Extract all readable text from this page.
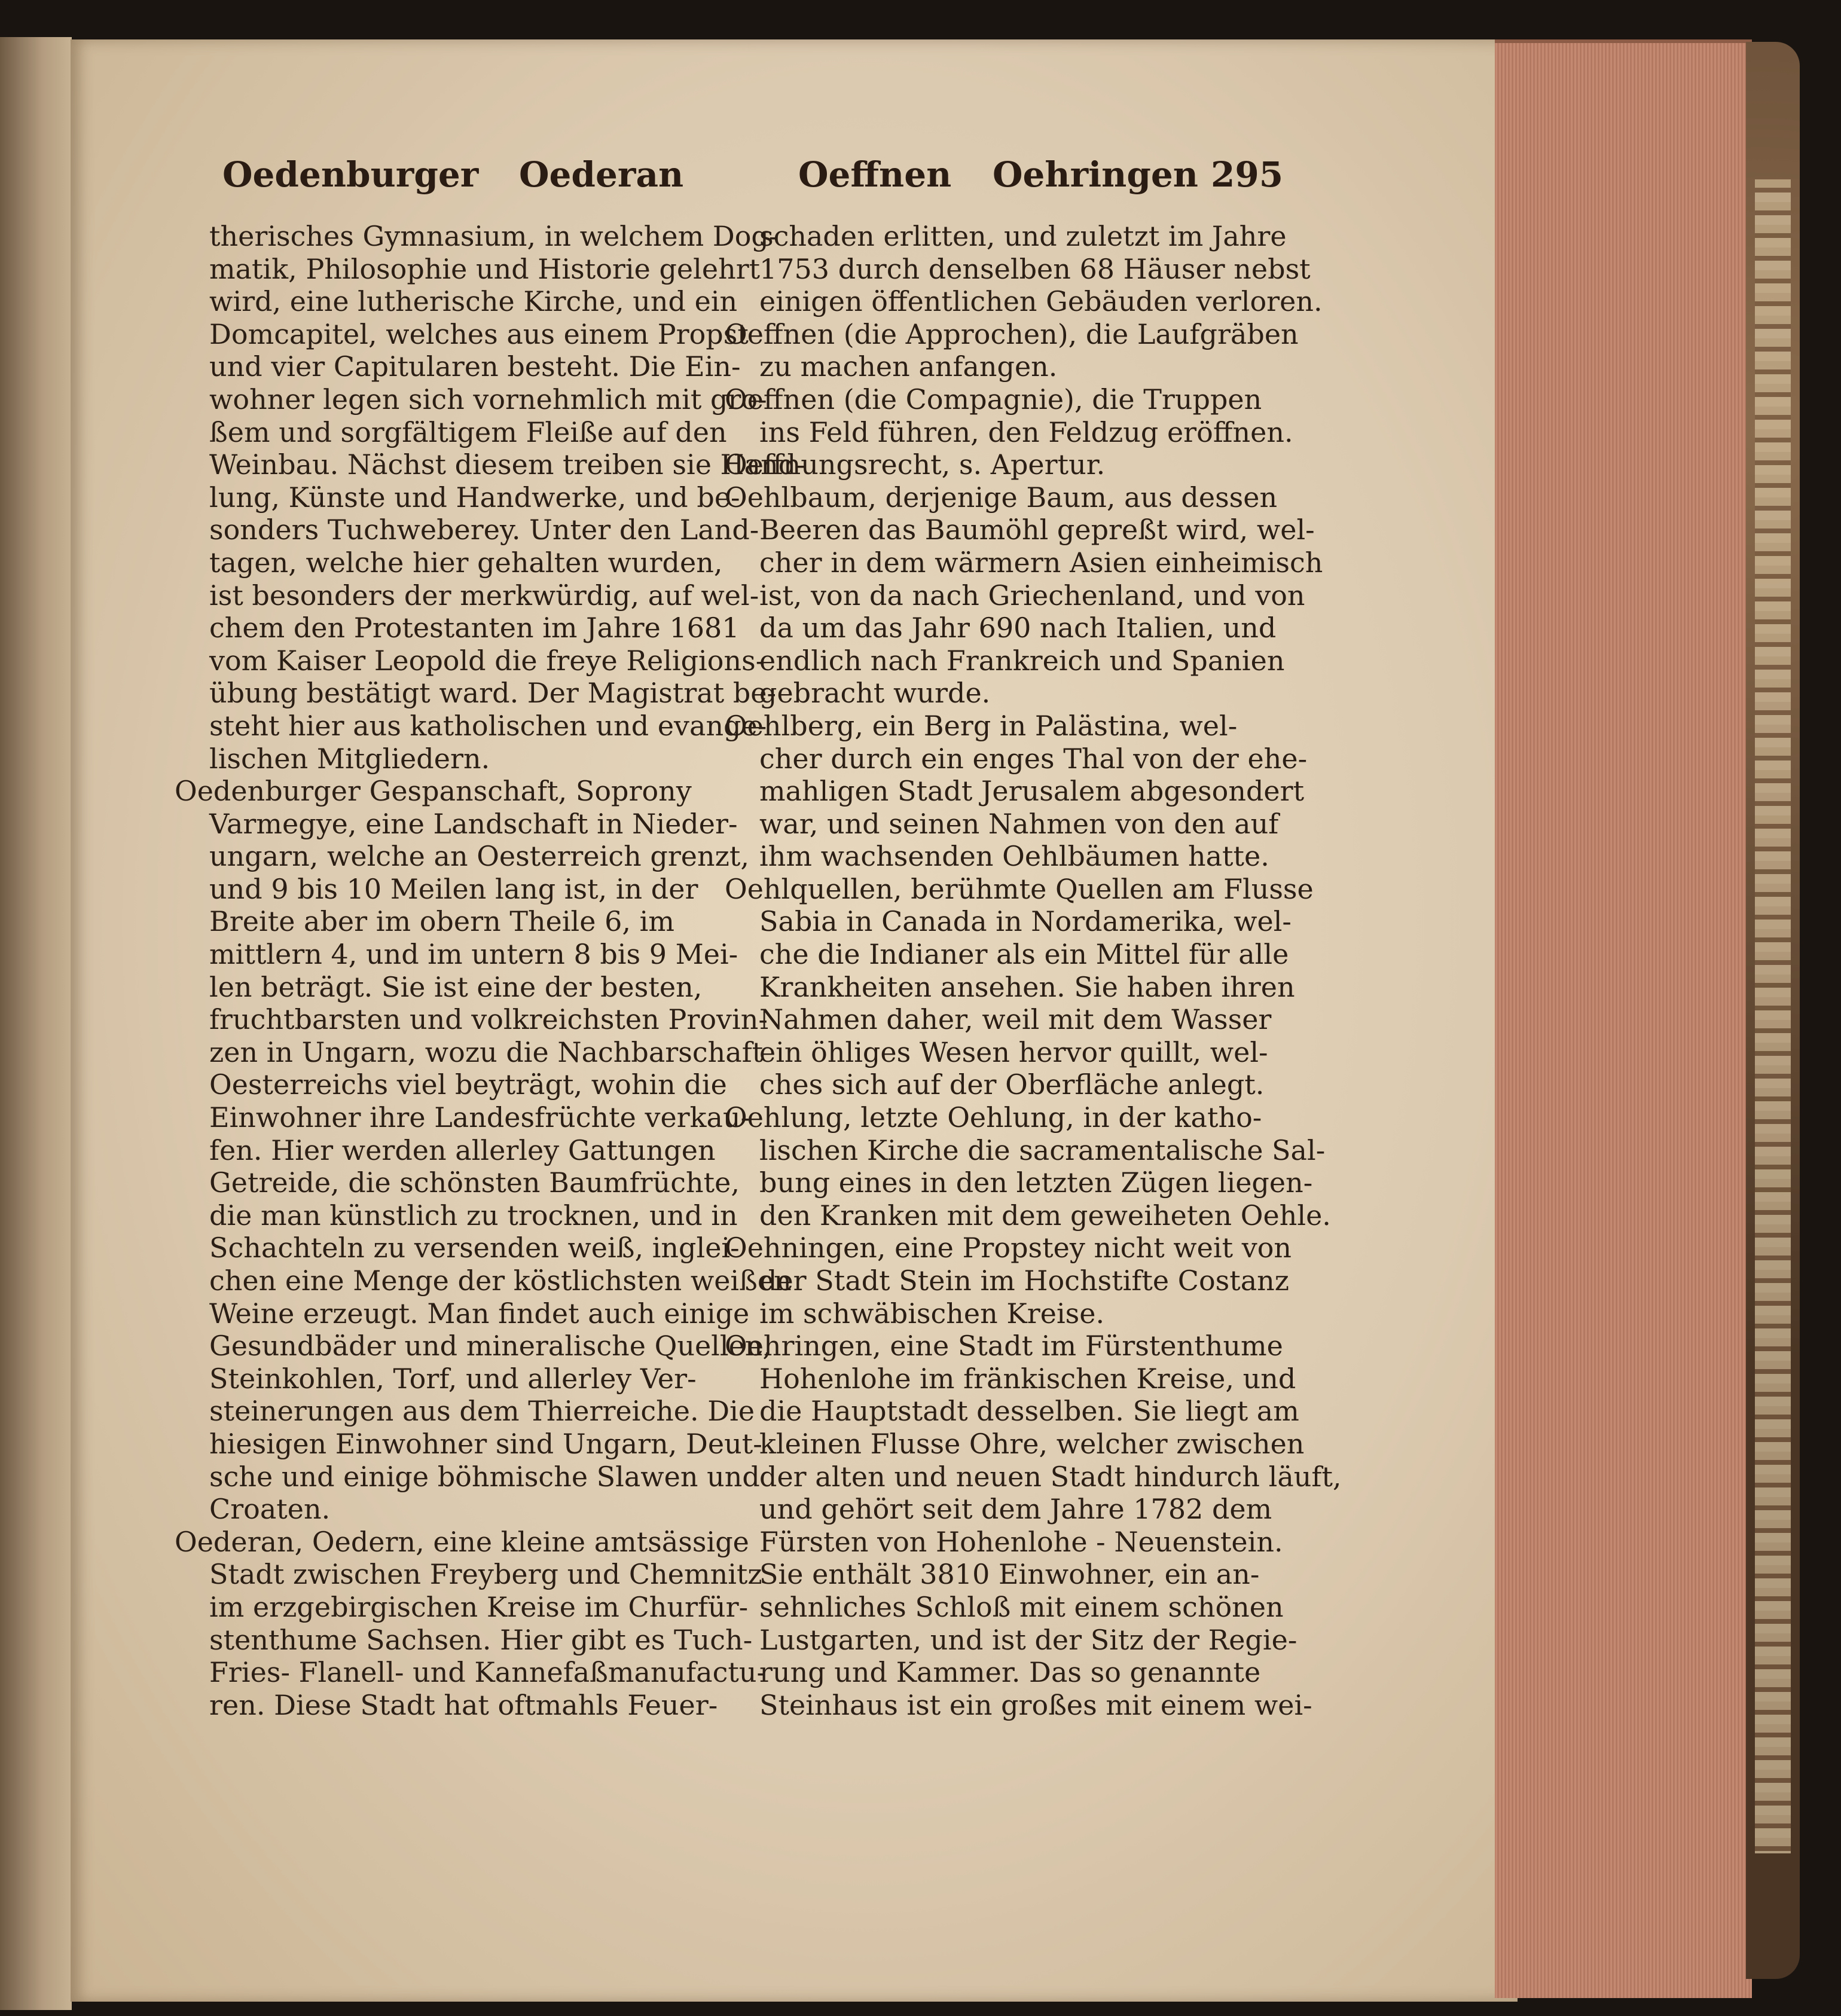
Oedenburger Oederan	Oeffnen Oehringen 295
therisches Gymnasium, in welchem Dog-
matik, Philosophie und Historie gelehrt
wird, eine lutherische Kirche, und ein
Domcapitel, welches aus einem Propst
und vier Capitularen besteht. Die Ein-
wohner legen sich vornehmlich mit gro-
ßem und sorgfältigem Fleiße auf den
Weinbau. Nächst diesem treiben sie Hand-
lung, Künste und Handwerke, und be-
sonders Tuchweberey. Unter den Land-
tagen, welche hier gehalten wurden,
ist besonders der merkwürdig, auf wel-
chem den Protestanten im Jahre 1681
vom Kaiser Leopold die freye Religions-
übung bestätigt ward. Der Magistrat be-
steht hier aus katholischen und evange-
lischen Mitgliedern.
Oedenburger Gespanschaft, Soprony
Varmegye, eine Landschaft in Nieder-
ungarn, welche an Oesterreich grenzt,
und 9 bis 10 Meilen lang ist, in der
Breite aber im obern Theile 6, im
mittlern 4, und im untern 8 bis 9 Mei-
len beträgt. Sie ist eine der besten,
fruchtbarsten und volkreichsten Provin-
zen in Ungarn, wozu die Nachbarschaft
Oesterreichs viel beyträgt, wohin die
Einwohner ihre Landesfrüchte verkau-
fen. Hier werden allerley Gattungen
Getreide, die schönsten Baumfrüchte,
die man künstlich zu trocknen, und in
Schachteln zu versenden weiß, inglei-
chen eine Menge der köstlichsten weißen
Weine erzeugt. Man findet auch einige
Gesundbäder und mineralische Quellen,
Steinkohlen, Torf, und allerley Ver-
steinerungen aus dem Thierreiche. Die
hiesigen Einwohner sind Ungarn, Deut-
sche und einige böhmische Slawen und
Croaten.
Oederan, Oedern, eine kleine amtsässige
Stadt zwischen Freyberg und Chemnitz
im erzgebirgischen Kreise im Churfür-
stenthume Sachsen. Hier gibt es Tuch-
Fries- Flanell- und Kannefaßmanufactu-
ren. Diese Stadt hat oftmahls Feuer-
schaden erlitten, und zuletzt im Jahre
1753 durch denselben 68 Häuser nebst
einigen öffentlichen Gebäuden verloren.
Oeffnen (die Approchen), die Laufgräben
zu machen anfangen.
Oeffnen (die Compagnie), die Truppen
ins Feld führen, den Feldzug eröffnen.
Oeffnungsrecht, s. Apertur.
Oehlbaum, derjenige Baum, aus dessen
Beeren das Baumöhl gepreßt wird, wel-
cher in dem wärmern Asien einheimisch
ist, von da nach Griechenland, und von
da um das Jahr 690 nach Italien, und
endlich nach Frankreich und Spanien
gebracht wurde.
Oehlberg, ein Berg in Palästina, wel-
cher durch ein enges Thal von der ehe-
mahligen Stadt Jerusalem abgesondert
war, und seinen Nahmen von den auf
ihm wachsenden Oehlbäumen hatte.
Oehlquellen, berühmte Quellen am Flusse
Sabia in Canada in Nordamerika, wel-
che die Indianer als ein Mittel für alle
Krankheiten ansehen. Sie haben ihren
Nahmen daher, weil mit dem Wasser
ein öhliges Wesen hervor quillt, wel-
ches sich auf der Oberfläche anlegt.
Oehlung, letzte Oehlung, in der katho-
lischen Kirche die sacramentalische Sal-
bung eines in den letzten Zügen liegen-
den Kranken mit dem geweiheten Oehle.
Oehningen, eine Propstey nicht weit von
der Stadt Stein im Hochstifte Costanz
im schwäbischen Kreise.
Oehringen, eine Stadt im Fürstenthume
Hohenlohe im fränkischen Kreise, und
die Hauptstadt desselben. Sie liegt am
kleinen Flusse Ohre, welcher zwischen
der alten und neuen Stadt hindurch läuft,
und gehört seit dem Jahre 1782 dem
Fürsten von Hohenlohe - Neuenstein.
Sie enthält 3810 Einwohner, ein an-
sehnliches Schloß mit einem schönen
Lustgarten, und ist der Sitz der Regie-
rung und Kammer. Das so genannte
Steinhaus ist ein großes mit einem wei-
